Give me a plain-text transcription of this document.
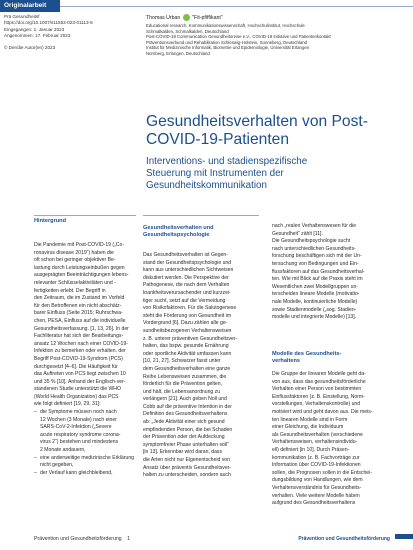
Originalarbeit
Prä Gesundheitsf
https://doi.org/10.1007/s11553-023-01113-8
Eingegangen: 1. Januar 2023
Angenommen: 17. Februar 2023
© Der/die Autor(en) 2023
Thomas Urban "Fit-pfiffikant"
Educational research, Kommunikationswissenschaft, Hochschulinstitut, Hochschule
Schmalkalden, Schmalkalden, Deutschland
Post-COVID-19 Communication Gesundheitsreise e.V., COVID-19 Initiative und Patientenkontakt
Präventionsverbund und Rehabilitation Schleswig-Holstein, Sonneberg, Deutschland
Institut für Medizinische Informatik, Biometrie und Epidemiologie, Universität Erlangen
Nürnberg, Erlangen, Deutschland
Gesundheitsverhalten von Post-
COVID-19-Patienten
Interventions- und stadienspezifische
Steuerung mit Instrumenten der
Gesundheitskommunikation
Hintergrund
Die Pandemie mit Post-COVID-19 („Co-
ronavirus disease 2019“) haben die
oft schon bei geringer objektiver Be-
lastung durch Leistungseinbußen gegen
ausgeprägten Beeinträchtigungen lebens-
relevanter Schlüsselaktivitäten und -
fertigkeiten erlebt. Der Begriff in
den Zeitraum, die im Zustand im Vorfeld
für den Betroffenen ein nicht abschätz-
barer Einfluss (Seite 2015; Ruhrschwa-
chen, PESA, Einfluss auf die individuelle
Gesundheitsverfassung. [1, 13, 26]. In der
Fachliteratur hat sich der Bearbeitungs-
ansatz 12 Wochen nach einer COVID-19-
Infektion zu bemerken oder erhalten. der
Begriff Post-COVID-19-Syndrom (PCS)
durchgesetzt [4–6]. Die Häufigkeit für
das Auftreten von PCS liegt zwischen 10
und 35 % [10]. Anhand der Englisch-ver-
standenen Studie unterstützt die WHO
(World Health Organization) das PCS
wie folgt definiert [19, 29, 31]:
– die Symptome müssen noch nach
12 Wochen (3 Monate) nach einer
SARS-CoV-2-Infektion („Severe
acute respiratory syndrome corona-
virus 2“) bestehen und mindestens
2 Monate andauern,
– eine anderweitige medizinische Erklärung
nicht gegeben,
– der Verlauf kann gleichbleibend,
Gesundheitsverhalten und
Gesundheitspsychologie
Das Gesundheitsverhalten ist Gegen-
stand der Gesundheitspsychologie und
kann aus unterschiedlichen Sichtweisen
diskutiert werden. Die Perspektive der
Pathogenese, die nach dem Verhalten
krankheitsverursachender und kurzzei-
tiger sucht, setzt auf die Vermeidung
von Risikofaktoren. Für die Salutogenese
steht die Förderung von Gesundheit im
Vordergrund [6]. Dazu zählen alle ge-
sundheitsbezogenen Verhaltensweisen
z. B. unterer präventiven Gesundheitsver-
halten, das bspw. gesunde Ernährung
oder sportliche Aktivität umfassen kann
[10, 21, 27]. Schwarzer fasst unter
dem Gesundheitsverhalten eine ganze
Reihe Lebensweisen zusammen, die
förderlich für die Prävention gelten,
und hält, die Lebensanordnung zu
verlängern [21]. Auch geben Noll und
Cobb auf die präventive Intention in der
Definition des Gesundheitsverhaltens
ab: „Jede Aktivität einer sich gesund
empfindenden Person, die bei Schaden
der Prävention oder der Aufdeckung
symptomfreier Phase unterhalten soll“
[in 13]. Erkennbar wird daran, dass
die Arten nicht nur Eigenentscheid von
Ansatz über präventiv Gesundheitsver-
halten zu unterscheiden, sondern auch
nach „realen Verhaltenswesen für die
Gesundheit“ zählt [11].
Die Gesundheitspsychologie sucht
nach unterschiedlichen Gesundheits-
forschung beschäftigen sich mit der Un-
tersuchung von Bedingungen und Ein-
flussfaktoren auf das Gesundheitsverhal-
ten. Wie mit Blick auf die Praxis steht im
Wesentlichen zwei Modellgruppen un-
terscheiden lineare Modelle (motivatio-
nale Modelle, kontinuierliche Modelle)
sowie Stadienmodelle („sog. Stadien-
modelle und integrierte Modelle) [13].
Modelle des Gesundheits-
verhaltens
Die Gruppe der linearen Modelle geht da-
von aus, dass das gesundheitsförderliche
Verhalten einer Person von bestimmten
Einflussfaktoren (z. B. Einstellung, Norm-
vorstellungen, Verhaltenskontrolle) und
motiviert wird und geht davon aus. Die meis-
ten linearen Modelle sind in Form
einer Gleichung, die Individuum
als Gesundheitsverhalten (verschiedene
Verhaltensweisen, verhaltensindividu-
ell) definiert [in 10]. Durch Präsen-
kommunikation (z. B. Fachvorträge zur
Information über COVID-19-Infektionen
sollen, die Prognosen sollen in die Entschei-
dungsbildung von Handlungen, wie dem
Verhaltensverständnis für Gesundheits-
verhalten. Viele weitere Modelle haben
aufgrund des Gesundheitsverhaltens
Prävention und Gesundheitsförderung 1	Prävention und Gesundheitsförderung
